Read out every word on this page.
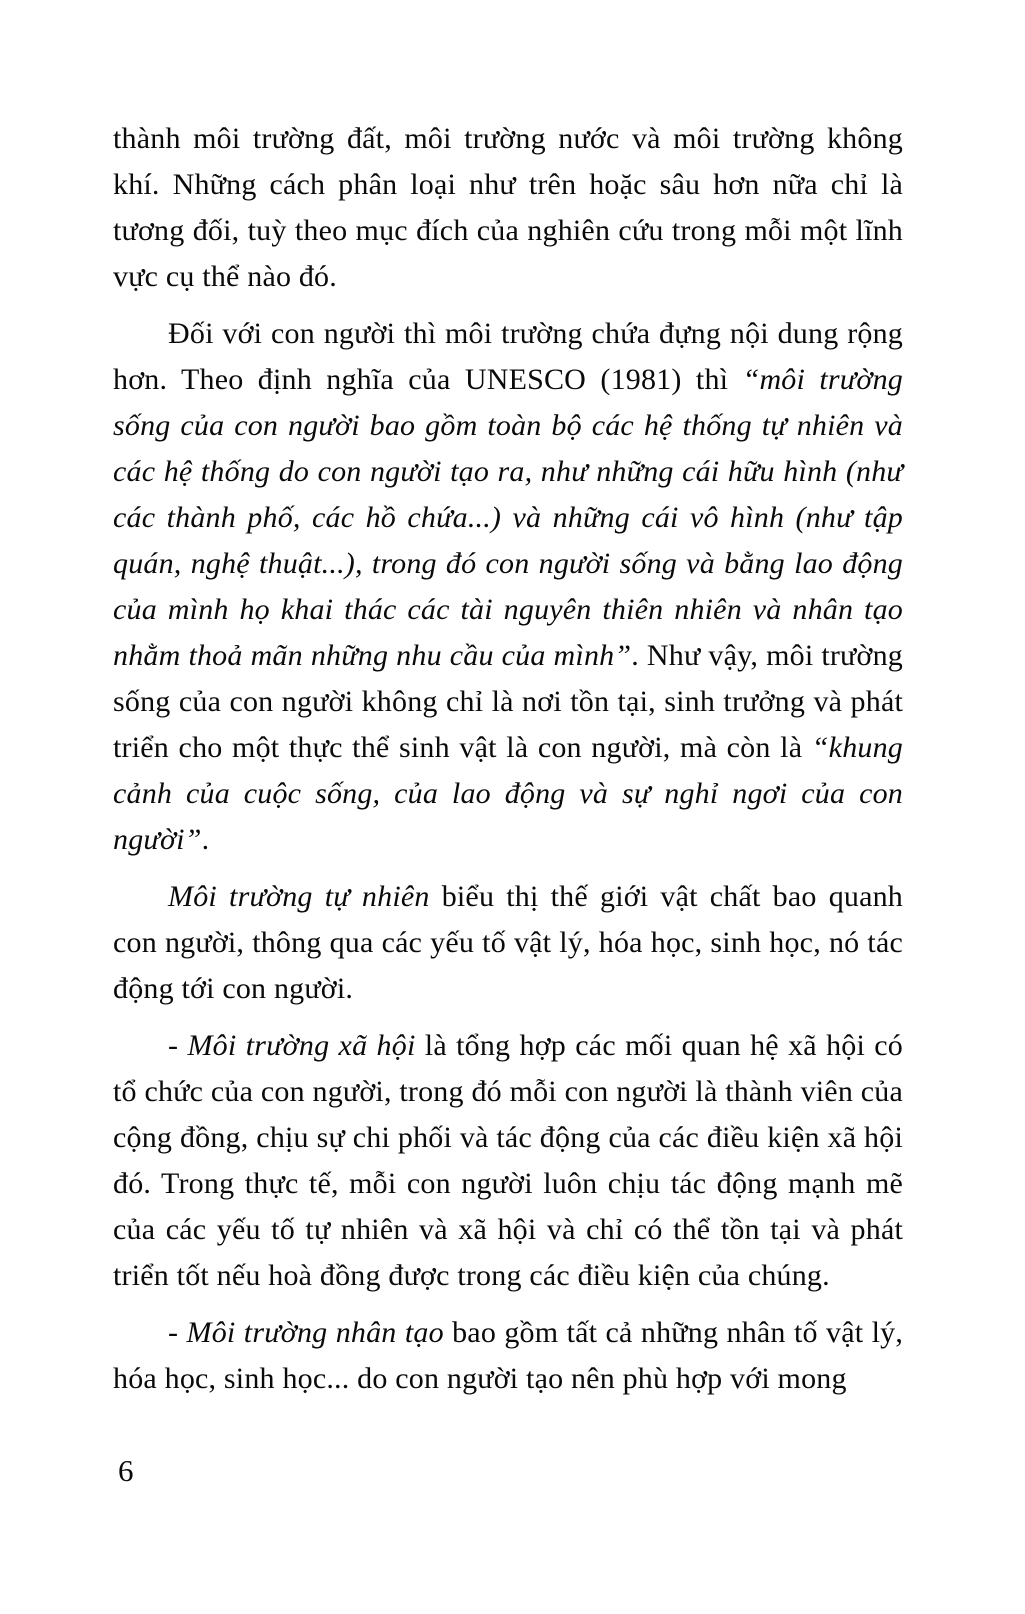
thành môi trường đất, môi trường nước và môi trường không khí. Những cách phân loại như trên hoặc sâu hơn nữa chỉ là tương đối, tuỳ theo mục đích của nghiên cứu trong mỗi một lĩnh vực cụ thể nào đó.

Đối với con người thì môi trường chứa đựng nội dung rộng hơn. Theo định nghĩa của UNESCO (1981) thì “môi trường sống của con người bao gồm toàn bộ các hệ thống tự nhiên và các hệ thống do con người tạo ra, như những cái hữu hình (như các thành phố, các hồ chứa...) và những cái vô hình (như tập quán, nghệ thuật...), trong đó con người sống và bằng lao động của mình họ khai thác các tài nguyên thiên nhiên và nhân tạo nhằm thoả mãn những nhu cầu của mình”. Như vậy, môi trường sống của con người không chỉ là nơi tồn tại, sinh trưởng và phát triển cho một thực thể sinh vật là con người, mà còn là “khung cảnh của cuộc sống, của lao động và sự nghỉ ngơi của con người”.

Môi trường tự nhiên biểu thị thế giới vật chất bao quanh con người, thông qua các yếu tố vật lý, hóa học, sinh học, nó tác động tới con người.

- Môi trường xã hội là tổng hợp các mối quan hệ xã hội có tổ chức của con người, trong đó mỗi con người là thành viên của cộng đồng, chịu sự chi phối và tác động của các điều kiện xã hội đó. Trong thực tế, mỗi con người luôn chịu tác động mạnh mẽ của các yếu tố tự nhiên và xã hội và chỉ có thể tồn tại và phát triển tốt nếu hoà đồng được trong các điều kiện của chúng.

- Môi trường nhân tạo bao gồm tất cả những nhân tố vật lý, hóa học, sinh học... do con người tạo nên phù hợp với mong

6
